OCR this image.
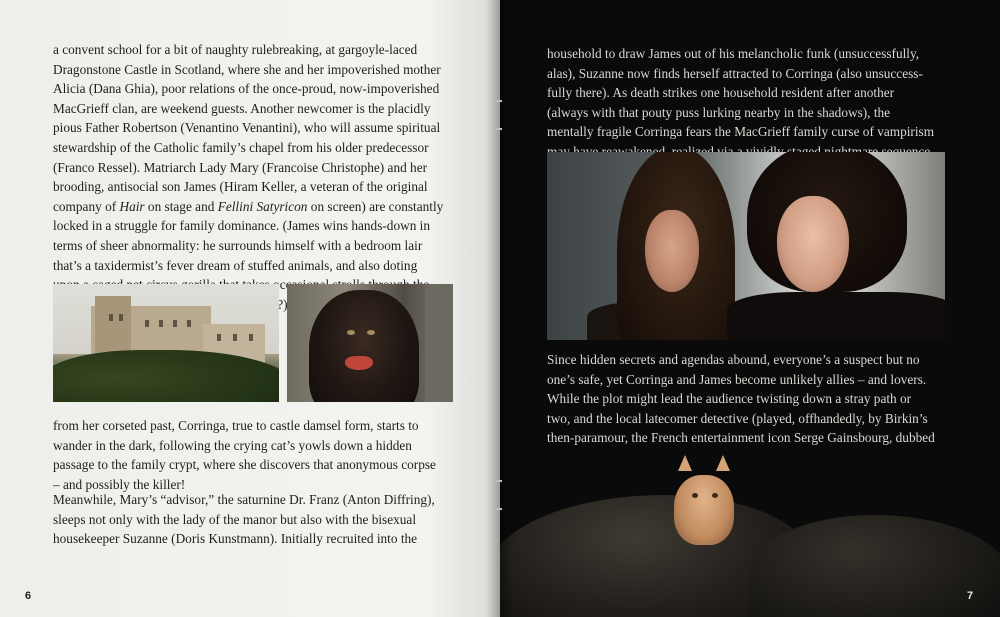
a convent school for a bit of naughty rulebreaking, at gargoyle-laced
Dragonstone Castle in Scotland, where she and her impoverished mother
Alicia (Dana Ghia), poor relations of the once-proud, now-impoverished
MacGrieff clan, are weekend guests. Another newcomer is the placidly
pious Father Robertson (Venantino Venantini), who will assume spiritual
stewardship of the Catholic family’s chapel from his older predecessor
(Franco Ressel). Matriarch Lady Mary (Francoise Christophe) and her
brooding, antisocial son James (Hiram Keller, a veteran of the original
company of Hair on stage and Fellini Satyricon on screen) are constantly
locked in a struggle for family dominance. (James wins hands-down in
terms of sheer abnormality: he surrounds himself with a bedroom lair
that’s a taxidermist’s fever dream of stuffed animals, and also doting
from her corseted past, Corringa, true to castle damsel form, starts to
wander in the dark, following the crying cat’s yowls down a hidden
passage to the family crypt, where she discovers that anonymous corpse
– and possibly the killer!
Meanwhile, Mary’s “advisor,” the saturnine Dr. Franz (Anton Diffring),
sleeps not only with the lady of the manor but also with the bisexual
housekeeper Suzanne (Doris Kunstmann). Initially recruited into the
6
household to draw James out of his melancholic funk (unsuccessfully,
alas), Suzanne now finds herself attracted to Corringa (also unsuccess-
fully there). As death strikes one household resident after another
(always with that pouty puss lurking nearby in the shadows), the
mentally fragile Corringa fears the MacGrieff family curse of vampirism
Since hidden secrets and agendas abound, everyone’s a suspect but no
one’s safe, yet Corringa and James become unlikely allies – and lovers.
While the plot might lead the audience twisting down a stray path or
two, and the local latecomer detective (played, offhandedly, by Birkin’s
then-paramour, the French entertainment icon Serge Gainsbourg, dubbed
7
